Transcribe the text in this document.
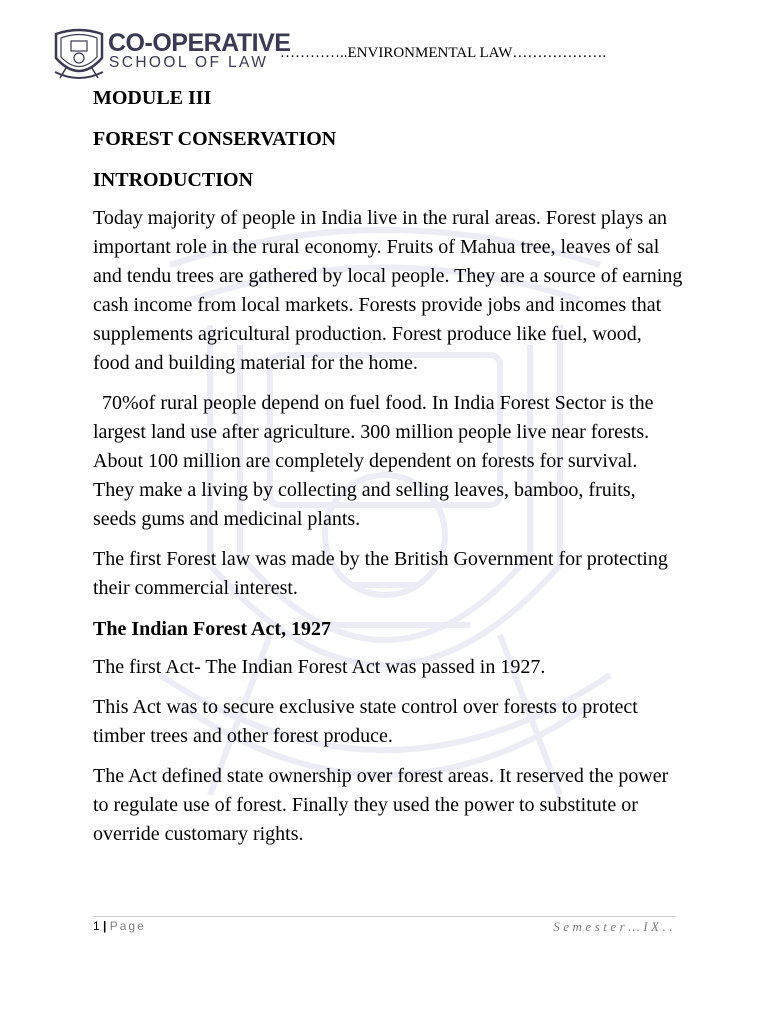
CO-OPERATIVE
SCHOOL OF LAW
…………..ENVIRONMENTAL LAW……………….
MODULE III
FOREST CONSERVATION
INTRODUCTION

Today majority of people in India live in the rural areas. Forest plays an important role in the rural economy. Fruits of Mahua tree, leaves of sal and tendu trees are gathered by local people. They are a source of earning cash income from local markets. Forests provide jobs and incomes that supplements agricultural production. Forest produce like fuel, wood, food and building material for the home.

70%of rural people depend on fuel food. In India Forest Sector is the largest land use after agriculture. 300 million people live near forests. About 100 million are completely dependent on forests for survival. They make a living by collecting and selling leaves, bamboo, fruits, seeds gums and medicinal plants.

The first Forest law was made by the British Government for protecting their commercial interest.

The Indian Forest Act, 1927

The first Act- The Indian Forest Act was passed in 1927.

This Act was to secure exclusive state control over forests to protect timber trees and other forest produce.

The Act defined state ownership over forest areas. It reserved the power to regulate use of forest. Finally they used the power to substitute or override customary rights.

1 | Page	Semester…IX..
